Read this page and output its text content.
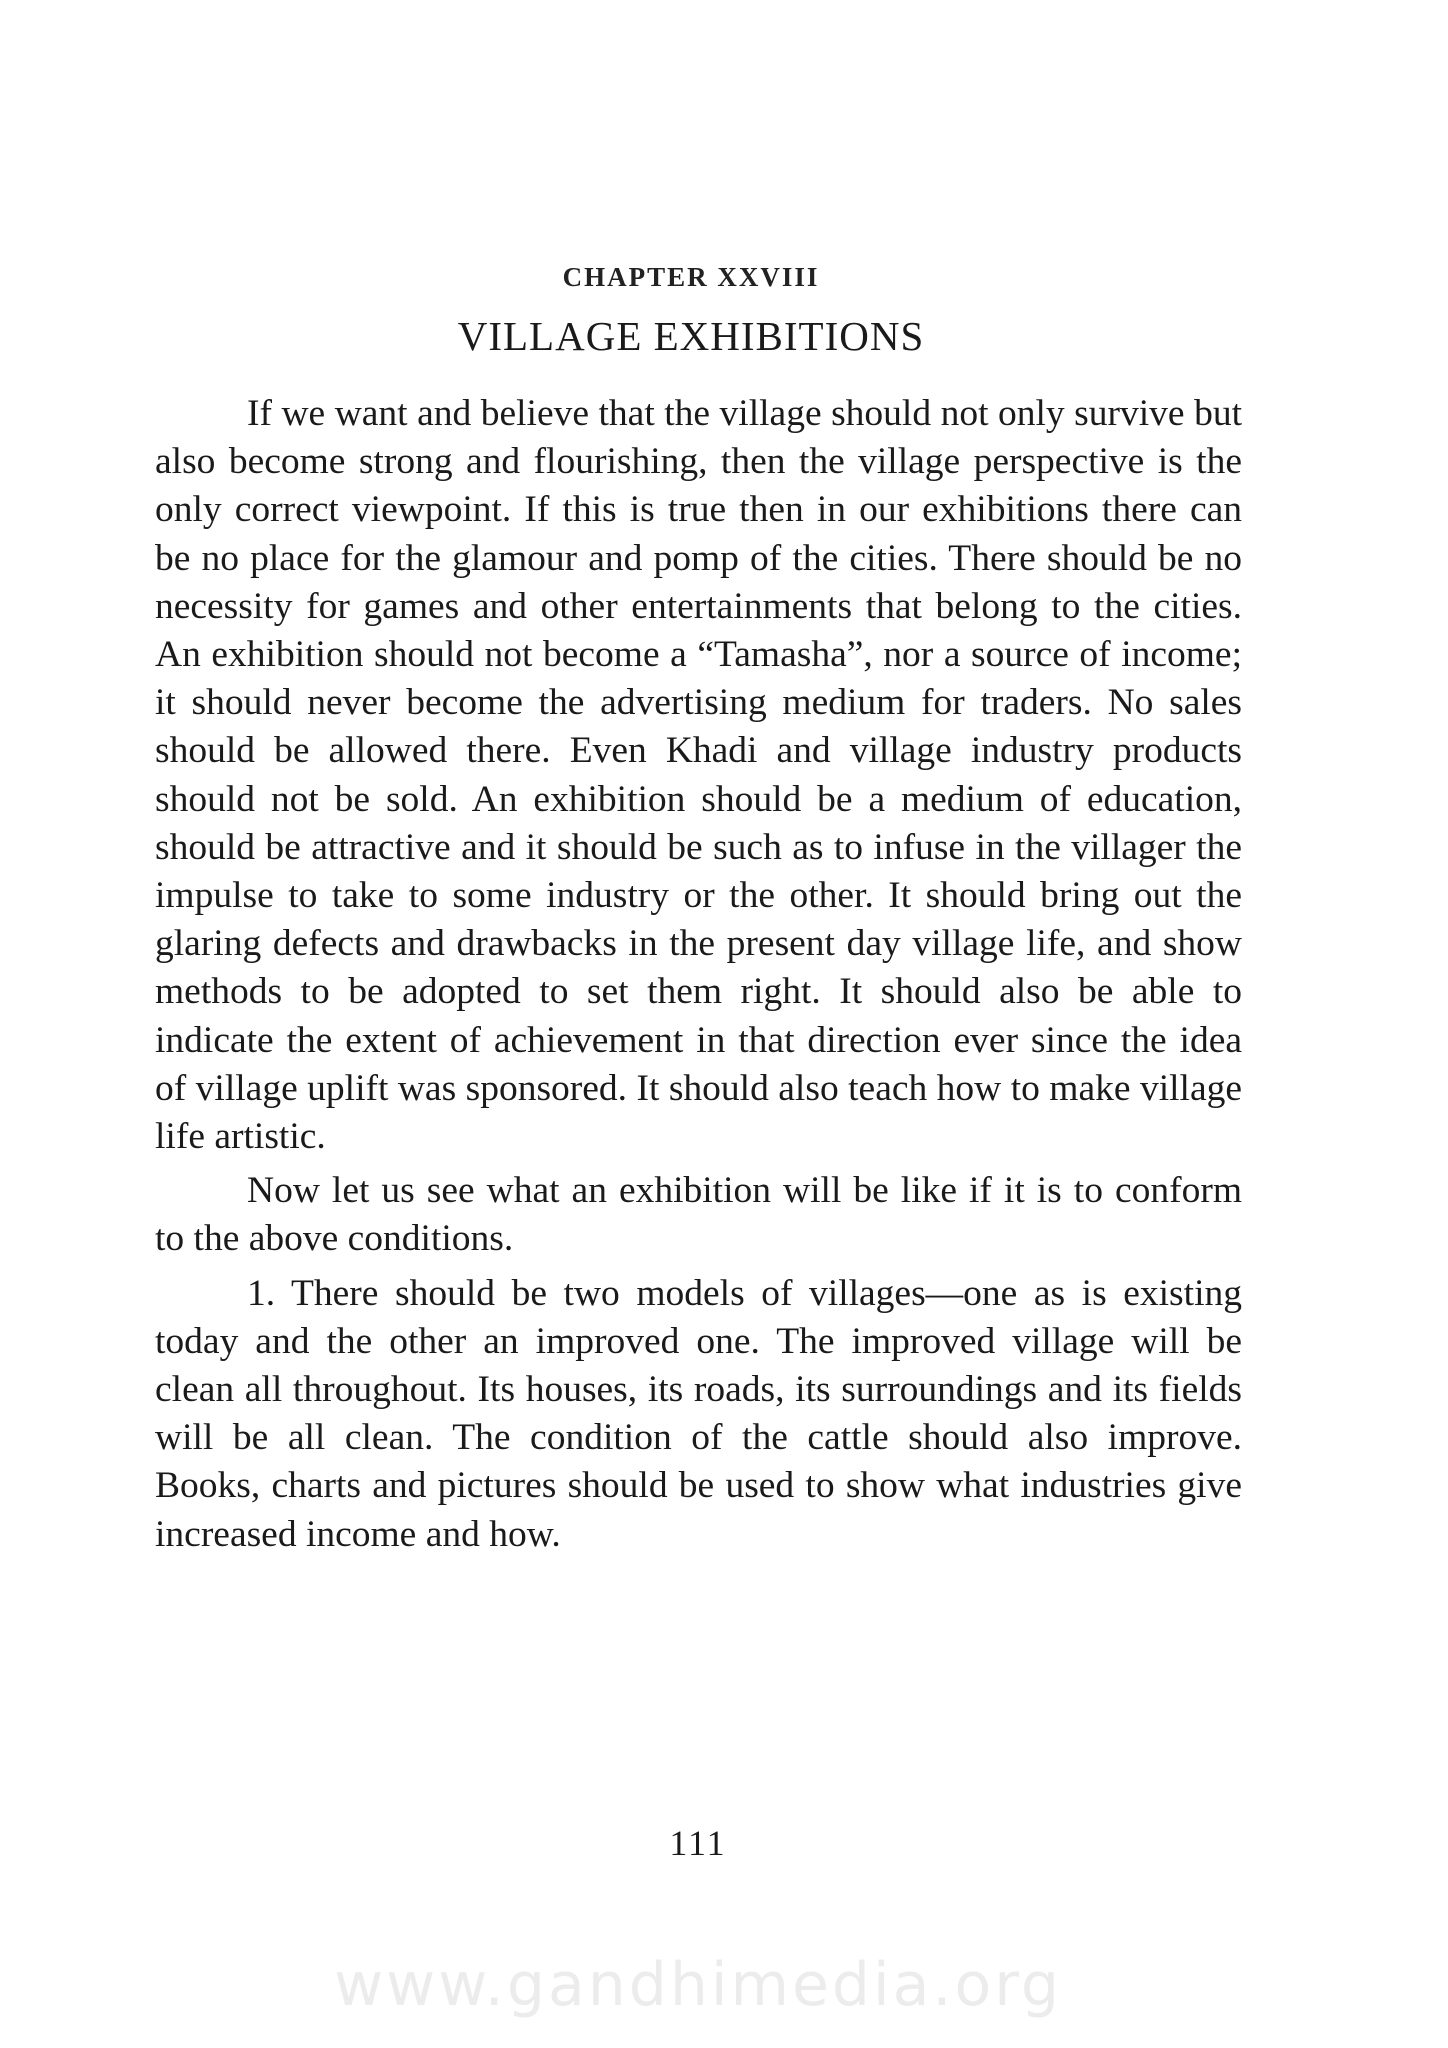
CHAPTER XXVIII
VILLAGE EXHIBITIONS

If we want and believe that the village should not only survive but also become strong and flourishing, then the village perspective is the only correct viewpoint. If this is true then in our exhibitions there can be no place for the glamour and pomp of the cities. There should be no necessity for games and other entertainments that belong to the cities. An exhibition should not become a “Tamasha”, nor a source of income; it should never become the advertising medium for traders. No sales should be allowed there. Even Khadi and village industry products should not be sold. An exhibition should be a medium of education, should be attractive and it should be such as to infuse in the villager the impulse to take to some industry or the other. It should bring out the glaring defects and drawbacks in the present day village life, and show methods to be adopted to set them right. It should also be able to indicate the extent of achievement in that direction ever since the idea of village uplift was sponsored. It should also teach how to make village life artistic.

Now let us see what an exhibition will be like if it is to conform to the above conditions.

1. There should be two models of villages—one as is existing today and the other an improved one. The improved village will be clean all throughout. Its houses, its roads, its surroundings and its fields will be all clean. The condition of the cattle should also improve. Books, charts and pictures should be used to show what industries give increased income and how.

111
www.gandhimedia.org
